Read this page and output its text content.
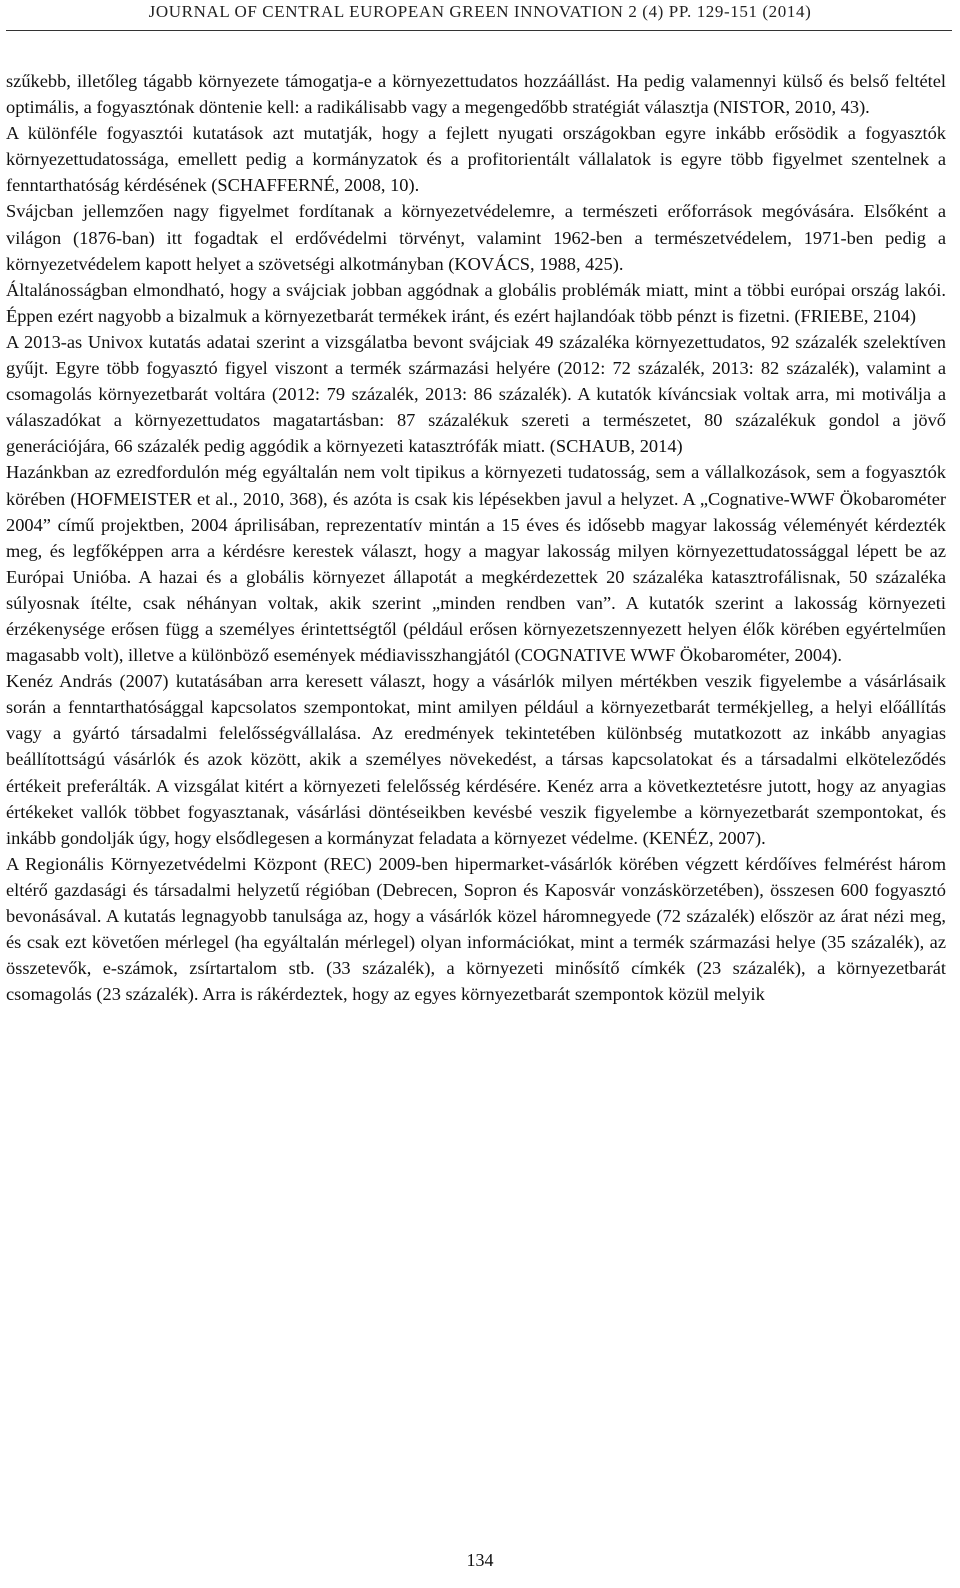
JOURNAL OF CENTRAL EUROPEAN GREEN INNOVATION 2 (4) PP. 129-151 (2014)

szűkebb, illetőleg tágabb környezete támogatja-e a környezettudatos hozzáállást. Ha pedig valamennyi külső és belső feltétel optimális, a fogyasztónak döntenie kell: a radikálisabb vagy a megengedőbb stratégiát választja (NISTOR, 2010, 43).

A különféle fogyasztói kutatások azt mutatják, hogy a fejlett nyugati országokban egyre inkább erősödik a fogyasztók környezettudatossága, emellett pedig a kormányzatok és a profitorientált vállalatok is egyre több figyelmet szentelnek a fenntarthatóság kérdésének (SCHAFFERNÉ, 2008, 10).

Svájcban jellemzően nagy figyelmet fordítanak a környezetvédelemre, a természeti erőforrások megóvására. Elsőként a világon (1876-ban) itt fogadtak el erdővédelmi törvényt, valamint 1962-ben a természetvédelem, 1971-ben pedig a környezetvédelem kapott helyet a szövetségi alkotmányban (KOVÁCS, 1988, 425).

Általánosságban elmondható, hogy a svájciak jobban aggódnak a globális problémák miatt, mint a többi európai ország lakói. Éppen ezért nagyobb a bizalmuk a környezetbarát termékek iránt, és ezért hajlandóak több pénzt is fizetni. (FRIEBE, 2104)

A 2013-as Univox kutatás adatai szerint a vizsgálatba bevont svájciak 49 százaléka környezettudatos, 92 százalék szelektíven gyűjt. Egyre több fogyasztó figyel viszont a termék származási helyére (2012: 72 százalék, 2013: 82 százalék), valamint a csomagolás környezetbarát voltára (2012: 79 százalék, 2013: 86 százalék). A kutatók kíváncsiak voltak arra, mi motiválja a válaszadókat a környezettudatos magatartásban: 87 százalékuk szereti a természetet, 80 százalékuk gondol a jövő generációjára, 66 százalék pedig aggódik a környezeti katasztrófák miatt. (SCHAUB, 2014)

Hazánkban az ezredfordulón még egyáltalán nem volt tipikus a környezeti tudatosság, sem a vállalkozások, sem a fogyasztók körében (HOFMEISTER et al., 2010, 368), és azóta is csak kis lépésekben javul a helyzet. A „Cognative-WWF Ökobarométer 2004” című projektben, 2004 áprilisában, reprezentatív mintán a 15 éves és idősebb magyar lakosság véleményét kérdezték meg, és legfőképpen arra a kérdésre kerestek választ, hogy a magyar lakosság milyen környezettudatossággal lépett be az Európai Unióba. A hazai és a globális környezet állapotát a megkérdezettek 20 százaléka katasztrofálisnak, 50 százaléka súlyosnak ítélte, csak néhányan voltak, akik szerint „minden rendben van”. A kutatók szerint a lakosság környezeti érzékenysége erősen függ a személyes érintettségtől (például erősen környezetszennyezett helyen élők körében egyértelműen magasabb volt), illetve a különböző események médiavisszhangjától (COGNATIVE WWF Ökobarométer, 2004).

Kenéz András (2007) kutatásában arra keresett választ, hogy a vásárlók milyen mértékben veszik figyelembe a vásárlásaik során a fenntarthatósággal kapcsolatos szempontokat, mint amilyen például a környezetbarát termékjelleg, a helyi előállítás vagy a gyártó társadalmi felelősségvállalása. Az eredmények tekintetében különbség mutatkozott az inkább anyagias beállítottságú vásárlók és azok között, akik a személyes növekedést, a társas kapcsolatokat és a társadalmi elköteleződés értékeit preferálták. A vizsgálat kitért a környezeti felelősség kérdésére. Kenéz arra a következtetésre jutott, hogy az anyagias értékeket vallók többet fogyasztanak, vásárlási döntéseikben kevésbé veszik figyelembe a környezetbarát szempontokat, és inkább gondolják úgy, hogy elsődlegesen a kormányzat feladata a környezet védelme. (KENÉZ, 2007).

A Regionális Környezetvédelmi Központ (REC) 2009-ben hipermarket-vásárlók körében végzett kérdőíves felmérést három eltérő gazdasági és társadalmi helyzetű régióban (Debrecen, Sopron és Kaposvár vonzáskörzetében), összesen 600 fogyasztó bevonásával. A kutatás legnagyobb tanulsága az, hogy a vásárlók közel háromnegyede (72 százalék) először az árat nézi meg, és csak ezt követően mérlegel (ha egyáltalán mérlegel) olyan információkat, mint a termék származási helye (35 százalék), az összetevők, e-számok, zsírtartalom stb. (33 százalék), a környezeti minősítő címkék (23 százalék), a környezetbarát csomagolás (23 százalék). Arra is rákérdeztek, hogy az egyes környezetbarát szempontok közül melyik

134
